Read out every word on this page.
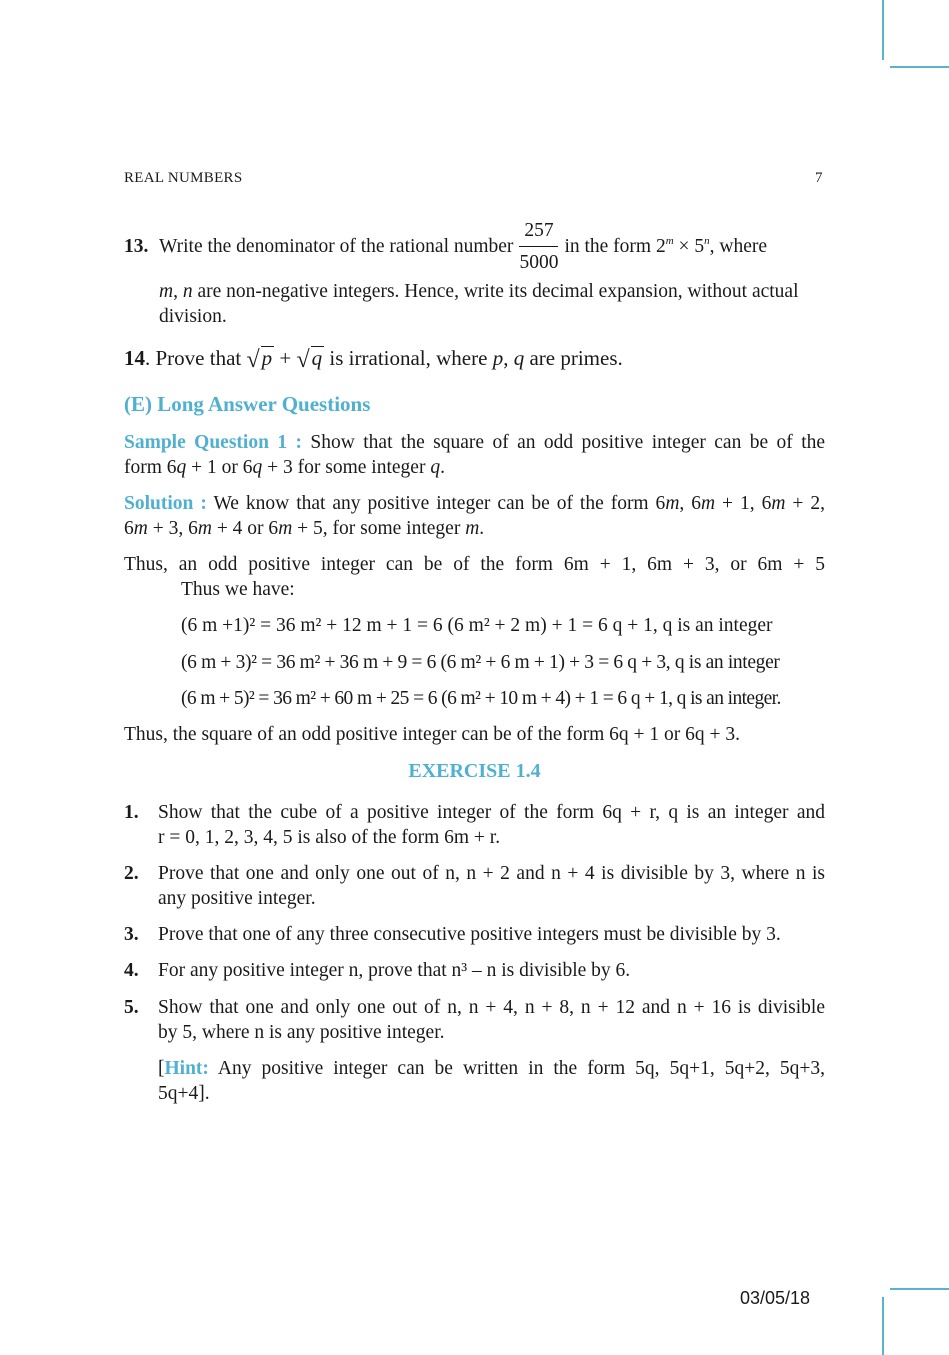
REAL NUMBERS	7
13. Write the denominator of the rational number $\frac{257}{5000}$ in the form $2^m \times 5^n$, where
m, n are non-negative integers. Hence, write its decimal expansion, without actual
division.
14. Prove that √p + √q is irrational, where p, q are primes.
(E) Long Answer Questions
Sample Question 1 : Show that the square of an odd positive integer can be of the
form 6q + 1 or 6q + 3 for some integer q.
Solution : We know that any positive integer can be of the form 6m, 6m + 1, 6m + 2,
6m + 3, 6m + 4 or 6m + 5, for some integer m.
Thus, an odd positive integer can be of the form 6m + 1, 6m + 3, or 6m + 5
Thus we have:
(6 m +1)² = 36 m² + 12 m + 1 = 6 (6 m² + 2 m) + 1 = 6 q + 1, q is an integer
(6 m + 3)² = 36 m² + 36 m + 9 = 6 (6 m² + 6 m + 1) + 3 = 6 q + 3, q is an integer
(6 m + 5)² = 36 m² + 60 m + 25 = 6 (6 m² + 10 m + 4) + 1 = 6 q + 1, q is an integer.
Thus, the square of an odd positive integer can be of the form 6q + 1 or 6q + 3.
EXERCISE 1.4
1. Show that the cube of a positive integer of the form 6q + r, q is an integer and
r = 0, 1, 2, 3, 4, 5 is also of the form 6m + r.
2. Prove that one and only one out of n, n + 2 and n + 4 is divisible by 3, where n is
any positive integer.
3. Prove that one of any three consecutive positive integers must be divisible by 3.
4. For any positive integer n, prove that n³ – n is divisible by 6.
5. Show that one and only one out of n, n + 4, n + 8, n + 12 and n + 16 is divisible
by 5, where n is any positive integer.
[Hint: Any positive integer can be written in the form 5q, 5q+1, 5q+2, 5q+3,
5q+4].
03/05/18
